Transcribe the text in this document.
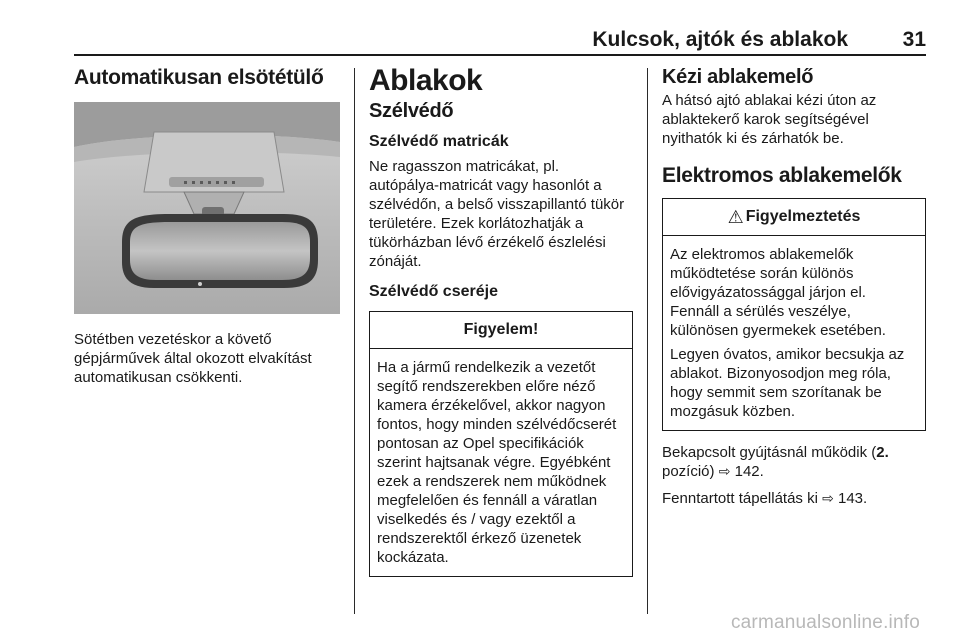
Kulcsok, ajtók és ablakok	31
Automatikusan elsötétülő

Sötétben vezetéskor a követő gépjárművek által okozott elvakítást automatikusan csökkenti.

Ablakok
Szélvédő
Szélvédő matricák

Ne ragasszon matricákat, pl. autópálya-matricát vagy hasonlót a szélvédőn, a belső visszapillantó tükör területére. Ezek korlátozhatják a tükörházban lévő érzékelő észlelési zónáját.

Szélvédő cseréje
Figyelem!

Ha a jármű rendelkezik a vezetőt segítő rendszerekben előre néző kamera érzékelővel, akkor nagyon fontos, hogy minden szélvédőcserét pontosan az Opel specifikációk szerint hajtsanak végre. Egyébként ezek a rendszerek nem működnek megfelelően és fennáll a váratlan viselkedés és / vagy ezektől a rendszerektől érkező üzenetek kockázata.

Kézi ablakemelő

A hátsó ajtó ablakai kézi úton az ablaktekerő karok segítségével nyithatók ki és zárhatók be.

Elektromos ablakemelők
⚠ Figyelmeztetés

Az elektromos ablakemelők működtetése során különös elővigyázatossággal járjon el. Fennáll a sérülés veszélye, különösen gyermekek esetében.

Legyen óvatos, amikor becsukja az ablakot. Bizonyosodjon meg róla, hogy semmit sem szorítanak be mozgásuk közben.

Bekapcsolt gyújtásnál működik (2. pozíció) ⇨ 142.

Fenntartott tápellátás ki ⇨ 143.

carmanualsonline.info
